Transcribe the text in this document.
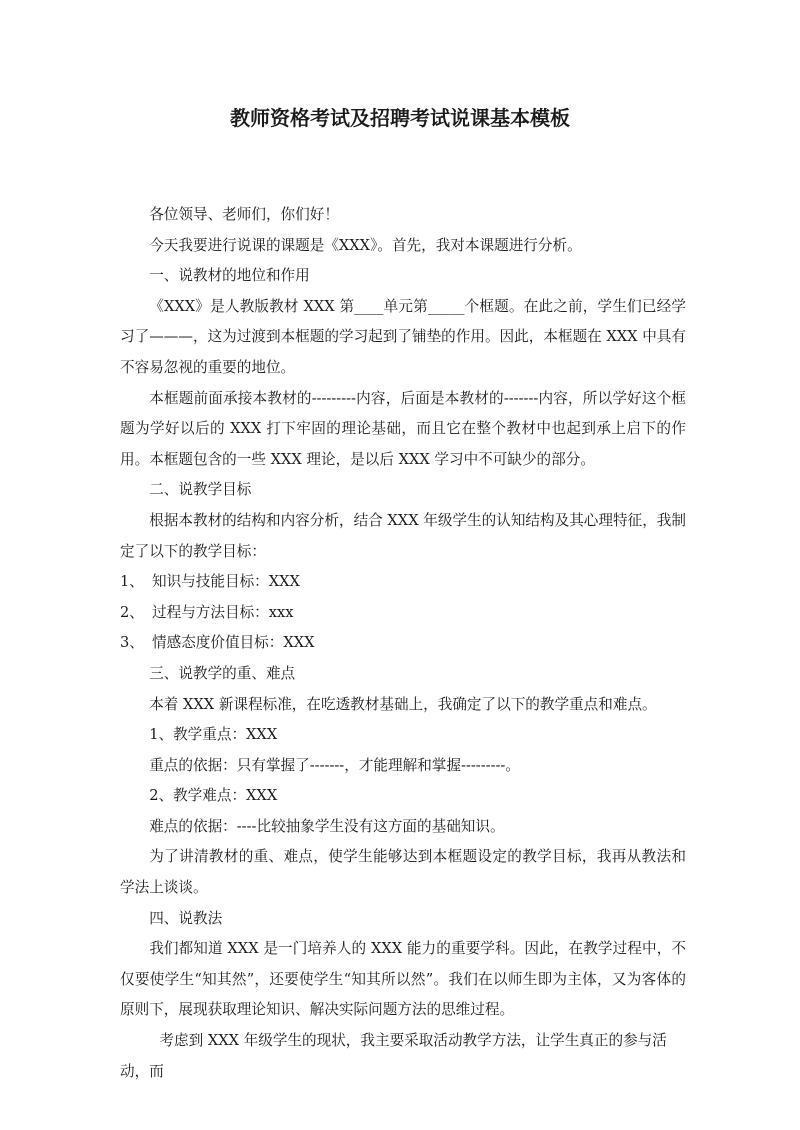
教师资格考试及招聘考试说课基本模板

各位领导、老师们，你们好！

今天我要进行说课的课题是《XXX》。首先，我对本课题进行分析。

一、说教材的地位和作用

《XXX》是人教版教材 XXX 第____单元第_____个框题。在此之前，学生们已经学习了———，这为过渡到本框题的学习起到了铺垫的作用。因此，本框题在 XXX 中具有不容易忽视的重要的地位。

本框题前面承接本教材的---------内容，后面是本教材的-------内容，所以学好这个框题为学好以后的 XXX 打下牢固的理论基础，而且它在整个教材中也起到承上启下的作用。本框题包含的一些 XXX 理论，是以后 XXX 学习中不可缺少的部分。

二、说教学目标

根据本教材的结构和内容分析，结合 XXX 年级学生的认知结构及其心理特征，我制定了以下的教学目标：

1、 知识与技能目标：XXX

2、 过程与方法目标：xxx

3、 情感态度价值目标：XXX

三、说教学的重、难点

本着 XXX 新课程标准，在吃透教材基础上，我确定了以下的教学重点和难点。

1、教学重点：XXX

重点的依据：只有掌握了-------，才能理解和掌握---------。

2、教学难点：XXX

难点的依据：----比较抽象学生没有这方面的基础知识。

为了讲清教材的重、难点，使学生能够达到本框题设定的教学目标，我再从教法和学法上谈谈。

四、说教法

我们都知道 XXX 是一门培养人的 XXX 能力的重要学科。因此，在教学过程中，不仅要使学生“知其然”，还要使学生“知其所以然”。我们在以师生即为主体，又为客体的原则下，展现获取理论知识、解决实际问题方法的思维过程。

考虑到 XXX 年级学生的现状，我主要采取活动教学方法，让学生真正的参与活动，而
